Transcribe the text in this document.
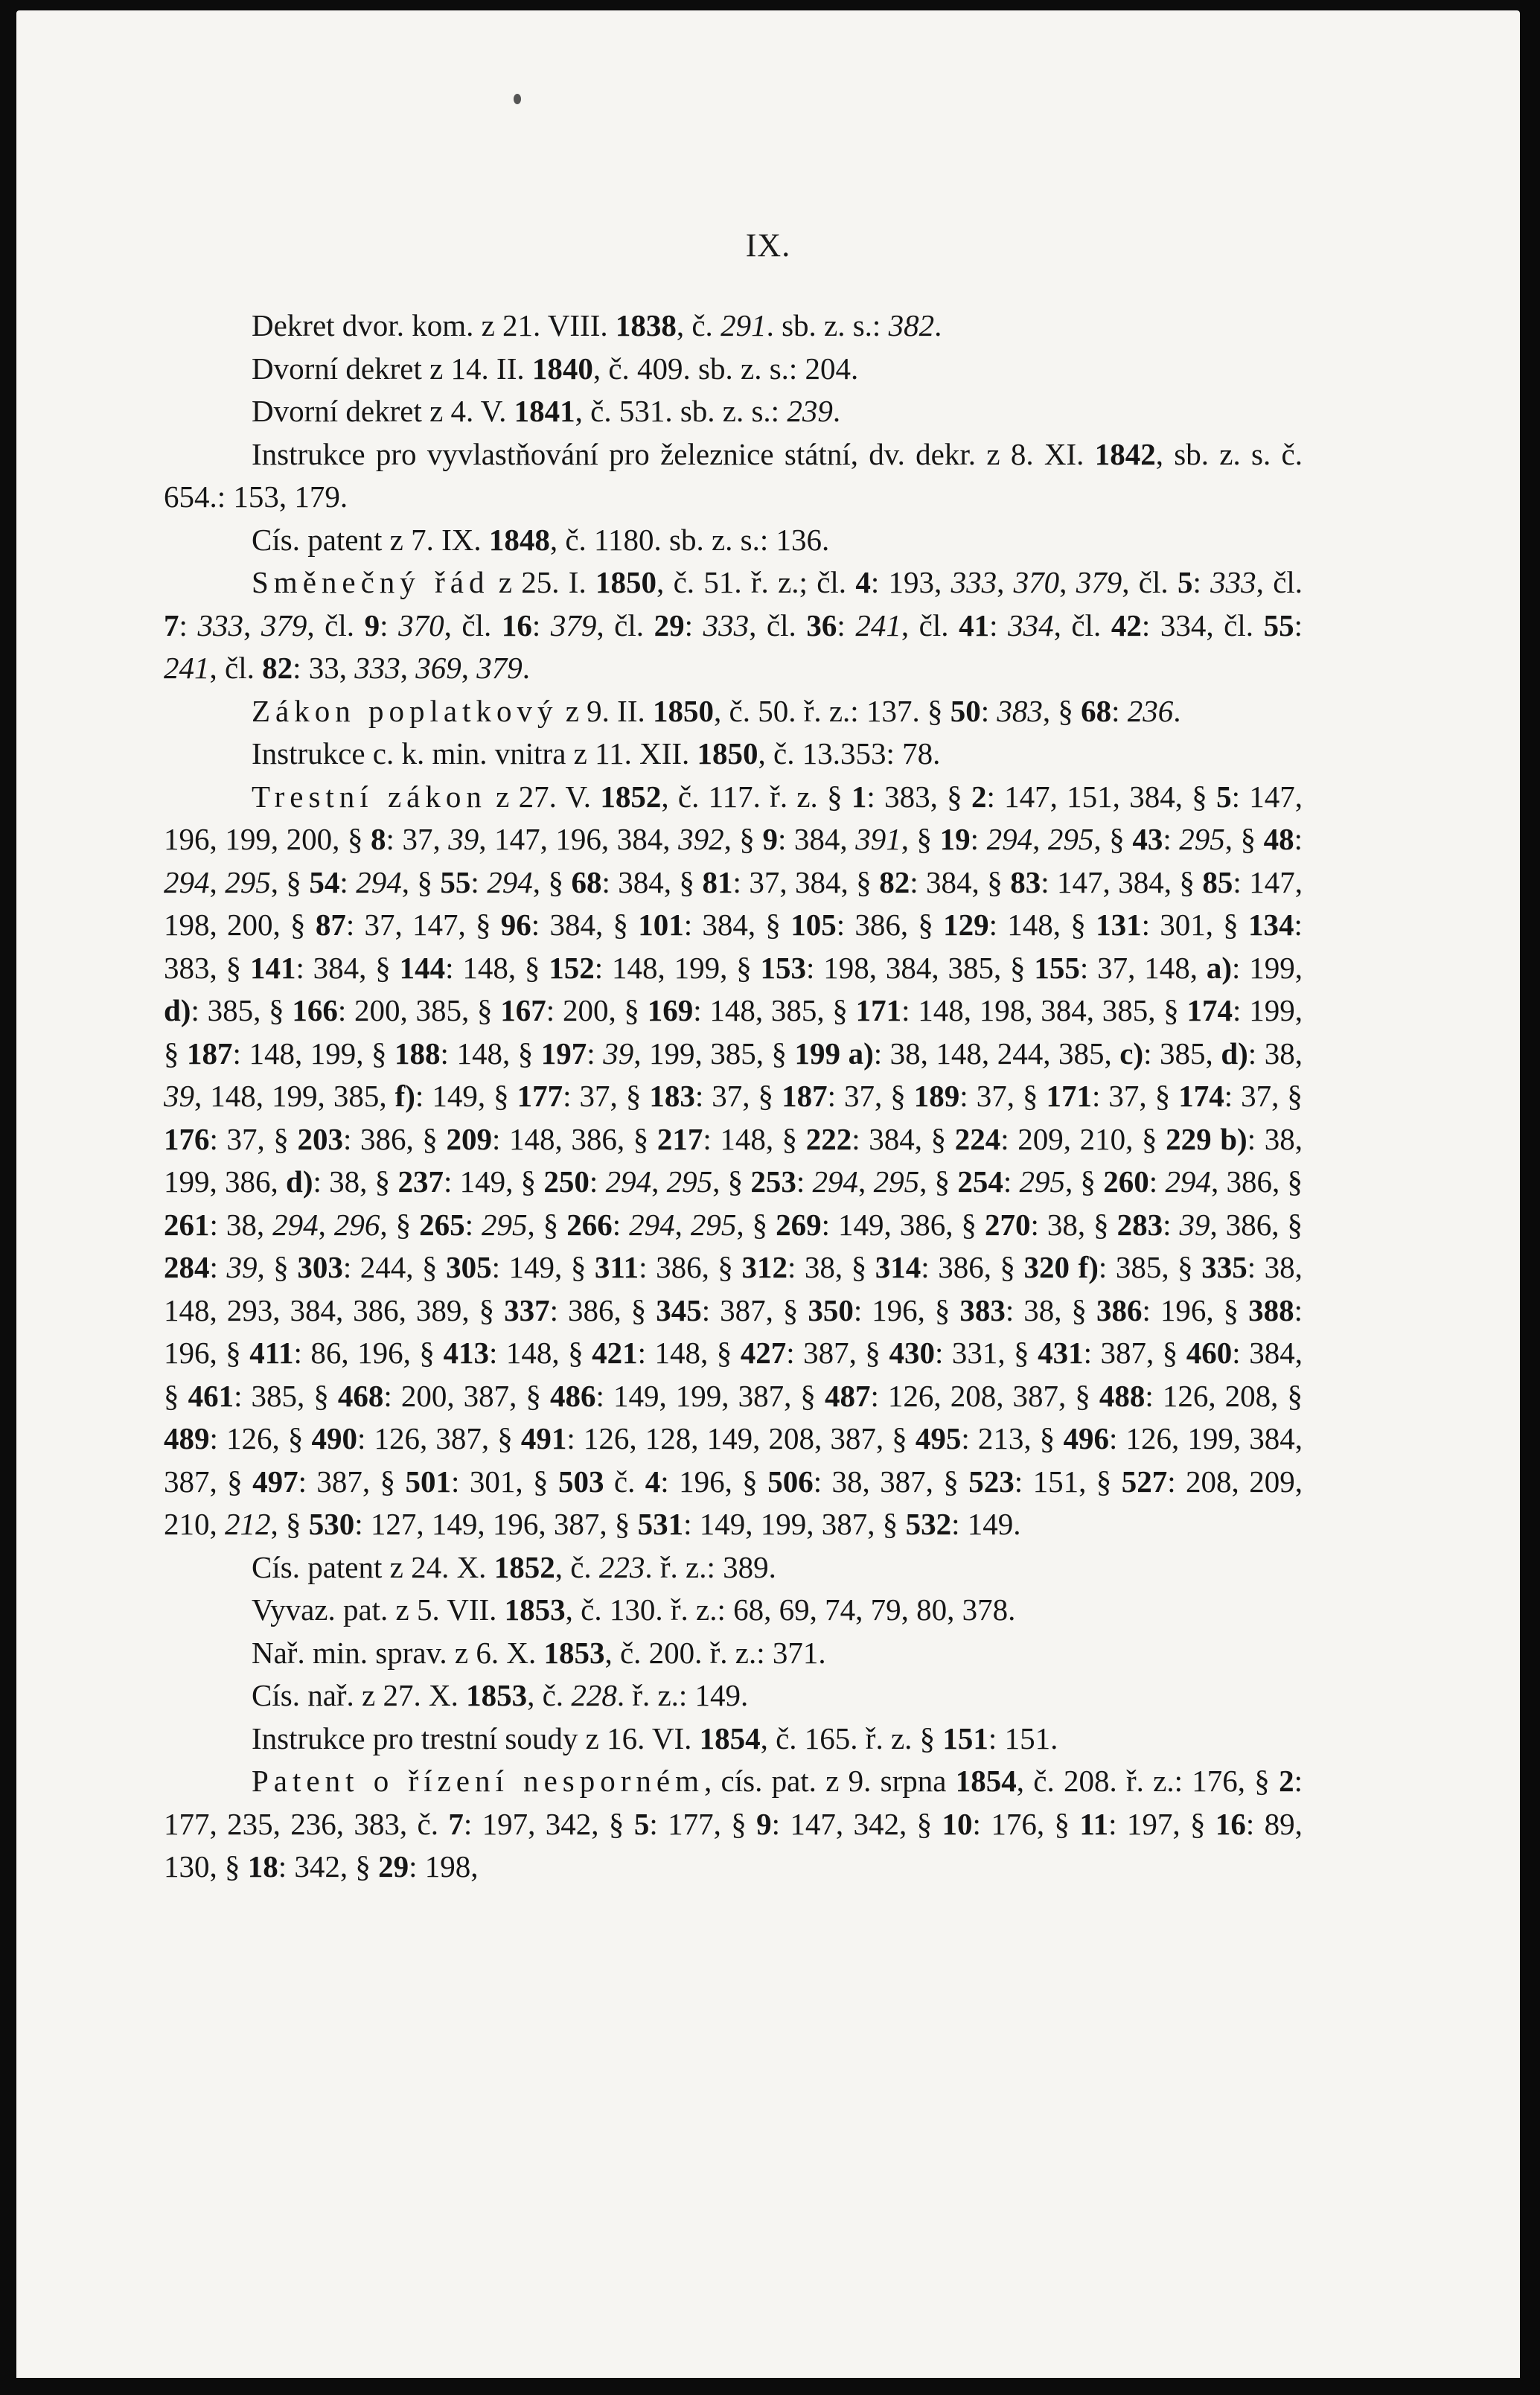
IX.

Dekret dvor. kom. z 21. VIII. 1838, č. 291. sb. z. s.: 382.

Dvorní dekret z 14. II. 1840, č. 409. sb. z. s.: 204.

Dvorní dekret z 4. V. 1841, č. 531. sb. z. s.: 239.

Instrukce pro vyvlastňování pro železnice státní, dv. dekr. z 8. XI. 1842, sb. z. s. č. 654.: 153, 179.

Cís. patent z 7. IX. 1848, č. 1180. sb. z. s.: 136.

Směnečný řád z 25. I. 1850, č. 51. ř. z.; čl. 4: 193, 333, 370, 379, čl. 5: 333, čl. 7: 333, 379, čl. 9: 370, čl. 16: 379, čl. 29: 333, čl. 36: 241, čl. 41: 334, čl. 42: 334, čl. 55: 241, čl. 82: 33, 333, 369, 379.

Zákon poplatkový z 9. II. 1850, č. 50. ř. z.: 137. § 50: 383, § 68: 236.

Instrukce c. k. min. vnitra z 11. XII. 1850, č. 13.353: 78.

Trestní zákon z 27. V. 1852, č. 117. ř. z. § 1: 383, § 2: 147, 151, 384, § 5: 147, 196, 199, 200, § 8: 37, 39, 147, 196, 384, 392, § 9: 384, 391, § 19: 294, 295, § 43: 295, § 48: 294, 295, § 54: 294, § 55: 294, § 68: 384, § 81: 37, 384, § 82: 384, § 83: 147, 384, § 85: 147, 198, 200, § 87: 37, 147, § 96: 384, § 101: 384, § 105: 386, § 129: 148, § 131: 301, § 134: 383, § 141: 384, § 144: 148, § 152: 148, 199, § 153: 198, 384, 385, § 155: 37, 148, a): 199, d): 385, § 166: 200, 385, § 167: 200, § 169: 148, 385, § 171: 148, 198, 384, 385, § 174: 199, § 187: 148, 199, § 188: 148, § 197: 39, 199, 385, § 199 a): 38, 148, 244, 385, c): 385, d): 38, 39, 148, 199, 385, f): 149, § 177: 37, § 183: 37, § 187: 37, § 189: 37, § 171: 37, § 174: 37, § 176: 37, § 203: 386, § 209: 148, 386, § 217: 148, § 222: 384, § 224: 209, 210, § 229 b): 38, 199, 386, d): 38, § 237: 149, § 250: 294, 295, § 253: 294, 295, § 254: 295, § 260: 294, 386, § 261: 38, 294, 296, § 265: 295, § 266: 294, 295, § 269: 149, 386, § 270: 38, § 283: 39, 386, § 284: 39, § 303: 244, § 305: 149, § 311: 386, § 312: 38, § 314: 386, § 320 f): 385, § 335: 38, 148, 293, 384, 386, 389, § 337: 386, § 345: 387, § 350: 196, § 383: 38, § 386: 196, § 388: 196, § 411: 86, 196, § 413: 148, § 421: 148, § 427: 387, § 430: 331, § 431: 387, § 460: 384, § 461: 385, § 468: 200, 387, § 486: 149, 199, 387, § 487: 126, 208, 387, § 488: 126, 208, § 489: 126, § 490: 126, 387, § 491: 126, 128, 149, 208, 387, § 495: 213, § 496: 126, 199, 384, 387, § 497: 387, § 501: 301, § 503 č. 4: 196, § 506: 38, 387, § 523: 151, § 527: 208, 209, 210, 212, § 530: 127, 149, 196, 387, § 531: 149, 199, 387, § 532: 149.

Cís. patent z 24. X. 1852, č. 223. ř. z.: 389.

Vyvaz. pat. z 5. VII. 1853, č. 130. ř. z.: 68, 69, 74, 79, 80, 378.

Nař. min. sprav. z 6. X. 1853, č. 200. ř. z.: 371.

Cís. nař. z 27. X. 1853, č. 228. ř. z.: 149.

Instrukce pro trestní soudy z 16. VI. 1854, č. 165. ř. z. § 151: 151.

Patent o řízení nesporném, cís. pat. z 9. srpna 1854, č. 208. ř. z.: 176, § 2: 177, 235, 236, 383, č. 7: 197, 342, § 5: 177, § 9: 147, 342, § 10: 176, § 11: 197, § 16: 89, 130, § 18: 342, § 29: 198,
